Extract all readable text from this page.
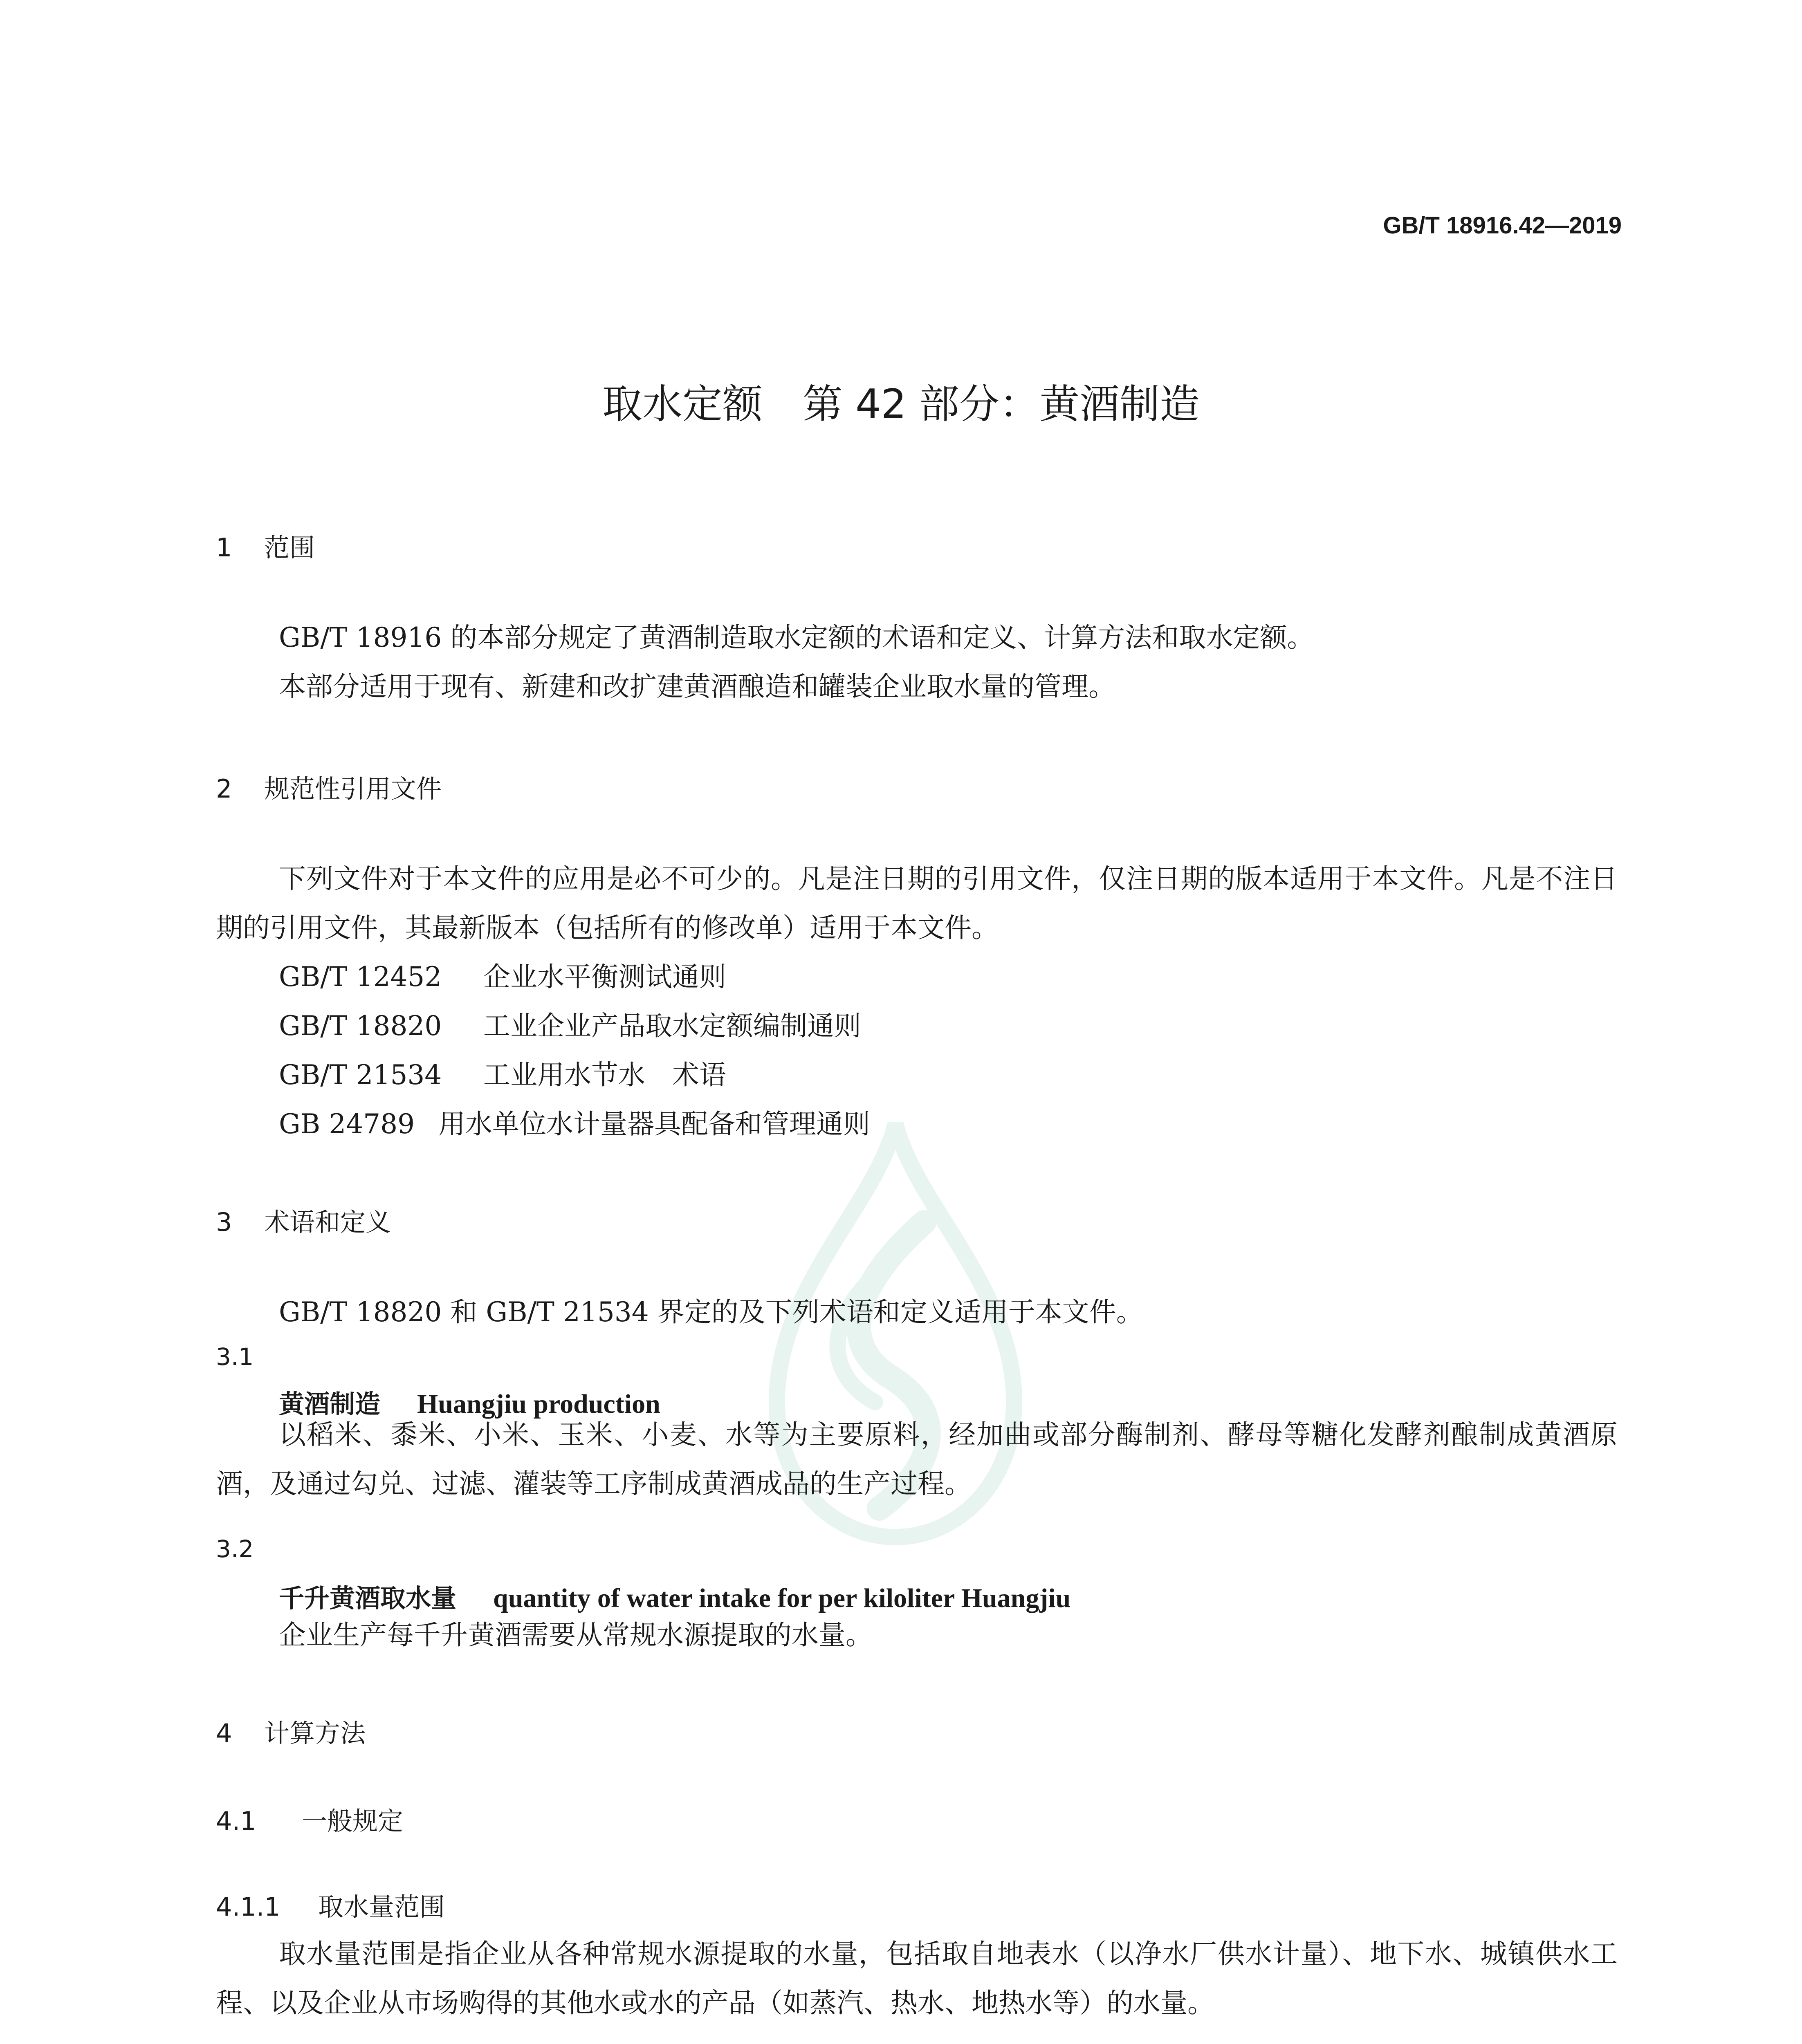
GB/T 18916.42—2019
取水定额　第 42 部分：黄酒制造
1 范围

GB/T 18916 的本部分规定了黄酒制造取水定额的术语和定义、计算方法和取水定额。

本部分适用于现有、新建和改扩建黄酒酿造和罐装企业取水量的管理。

2 规范性引用文件

下列文件对于本文件的应用是必不可少的。凡是注日期的引用文件，仅注日期的版本适用于本文件。凡是不注日期的引用文件，其最新版本（包括所有的修改单）适用于本文件。

GB/T 12452 企业水平衡测试通则
GB/T 18820 工业企业产品取水定额编制通则
GB/T 21534 工业用水节水　术语
GB 24789 用水单位水计量器具配备和管理通则
3 术语和定义

GB/T 18820 和 GB/T 21534 界定的及下列术语和定义适用于本文件。

3.1
黄酒制造 Huangjiu production

以稻米、黍米、小米、玉米、小麦、水等为主要原料，经加曲或部分酶制剂、酵母等糖化发酵剂酿制成黄酒原酒，及通过勾兑、过滤、灌装等工序制成黄酒成品的生产过程。

3.2
千升黄酒取水量 quantity of water intake for per kiloliter Huangjiu

企业生产每千升黄酒需要从常规水源提取的水量。

4 计算方法
4.1 一般规定
4.1.1 取水量范围

取水量范围是指企业从各种常规水源提取的水量，包括取自地表水（以净水厂供水计量）、地下水、城镇供水工程、以及企业从市场购得的其他水或水的产品（如蒸汽、热水、地热水等）的水量。
